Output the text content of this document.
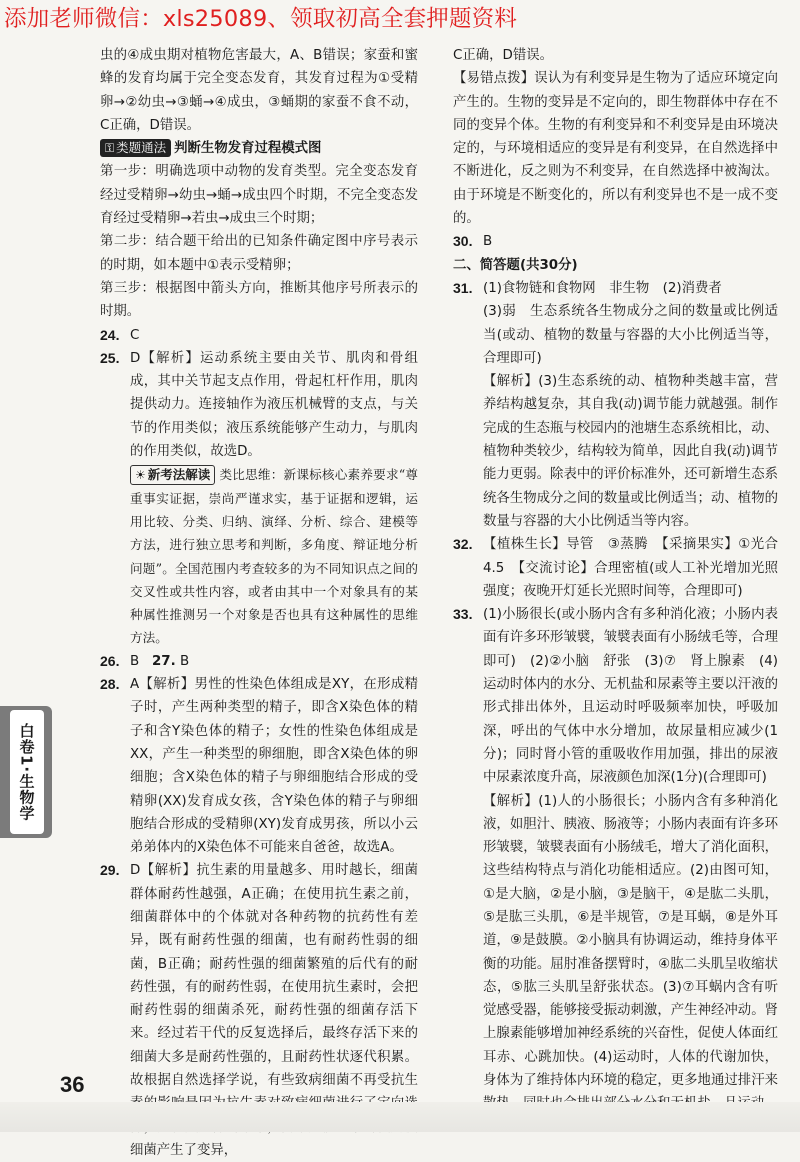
添加老师微信：xls25089、领取初高全套押题资料

虫的④成虫期对植物危害最大，A、B错误；家蚕和蜜蜂的发育均属于完全变态发育，其发育过程为①受精卵→②幼虫→③蛹→④成虫，③蛹期的家蚕不食不动，C正确，D错误。

⚿ 类题通法 判断生物发育过程模式图

第一步：明确选项中动物的发育类型。完全变态发育经过受精卵→幼虫→蛹→成虫四个时期，不完全变态发育经过受精卵→若虫→成虫三个时期；

第二步：结合题干给出的已知条件确定图中序号表示的时期，如本题中①表示受精卵；

第三步：根据图中箭头方向，推断其他序号所表示的时期。

24. C
25. D【解析】运动系统主要由关节、肌肉和骨组成，其中关节起支点作用，骨起杠杆作用，肌肉提供动力。连接轴作为液压机械臂的支点，与关节的作用类似；液压系统能够产生动力，与肌肉的作用类似，故选D。

☀ 新考法解读 类比思维：新课标核心素养要求“尊重事实证据，崇尚严谨求实，基于证据和逻辑，运用比较、分类、归纳、演绎、分析、综合、建模等方法，进行独立思考和判断，多角度、辩证地分析问题”。全国范围内考查较多的为不同知识点之间的交叉性或共性内容，或者由其中一个对象具有的某种属性推测另一个对象是否也具有这种属性的思维方法。

26. B 27. B
28. A【解析】男性的性染色体组成是XY，在形成精子时，产生两种类型的精子，即含X染色体的精子和含Y染色体的精子；女性的性染色体组成是XX，产生一种类型的卵细胞，即含X染色体的卵细胞；含X染色体的精子与卵细胞结合形成的受精卵(XX)发育成女孩，含Y染色体的精子与卵细胞结合形成的受精卵(XY)发育成男孩，所以小云弟弟体内的X染色体不可能来自爸爸，故选A。

29. D【解析】抗生素的用量越多、用时越长，细菌群体耐药性越强，A正确；在使用抗生素之前，细菌群体中的个体就对各种药物的抗药性有差异，既有耐药性强的细菌，也有耐药性弱的细菌，B正确；耐药性强的细菌繁殖的后代有的耐药性强，有的耐药性弱，在使用抗生素时，会把耐药性弱的细菌杀死，耐药性强的细菌存活下来。经过若干代的反复选择后，最终存活下来的细菌大多是耐药性强的，且耐药性状逐代积累。故根据自然选择学说，有些致病细菌不再受抗生 细菌产生了变异，

C正确，D错误。

【易错点拨】误认为有利变异是生物为了适应环境定向产生的。生物的变异是不定向的，即生物群体中存在不同的变异个体。生物的有利变异和不利变异是由环境决定的，与环境相适应的变异是有利变异，在自然选择中不断进化，反之则为不利变异，在自然选择中被淘汰。由于环境是不断变化的，所以有利变异也不是一成不变的。

30. B
二、简答题(共30分)
31. (1)食物链和食物网　非生物　(2)消费者

(3)弱　生态系统各生物成分之间的数量或比例适当(或动、植物的数量与容器的大小比例适当等，合理即可)

【解析】(3)生态系统的动、植物种类越丰富，营养结构越复杂，其自我(动)调节能力就越强。制作完成的生态瓶与校园内的池塘生态系统相比，动、植物种类较少，结构较为简单，因此自我(动)调节能力更弱。除表中的评价标准外，还可新增生态系统各生物成分之间的数量或比例适当；动、植物的数量与容器的大小比例适当等内容。

32. 【植株生长】导管　③蒸腾　【采摘果实】①光合　4.5　【交流讨论】合理密植(或人工补光增加光照强度；夜晚开灯延长光照时间等，合理即可)

33. (1)小肠很长(或小肠内含有多种消化液；小肠内表面有许多环形皱襞，皱襞表面有小肠绒毛等，合理即可)　(2)②小脑　舒张　(3)⑦　肾上腺素　(4)运动时体内的水分、无机盐和尿素等主要以汗液的形式排出体外，且运动时呼吸频率加快，呼吸加深，呼出的气体中水分增加，故尿量相应减少(1分)；同时肾小管的重吸收作用加强，排出的尿液中尿素浓度升高，尿液颜色加深(1分)(合理即可)

【解析】(1)人的小肠很长；小肠内含有多种消化液，如胆汁、胰液、肠液等；小肠内表面有许多环形皱襞，皱襞表面有小肠绒毛，增大了消化面积，这些结构特点与消化功能相适应。(2)由图可知，①是大脑，②是小脑，③是脑干，④是肱二头肌，⑤是肱三头肌，⑥是半规管，⑦是耳蜗，⑧是外耳道，⑨是鼓膜。②小脑具有协调运动，维持身体平衡的功能。屈肘准备摆臂时，④肱二头肌呈收缩状态，⑤肱三头肌呈舒张状态。(3)⑦耳蜗内含有听觉感受器，能够接受振动刺激，产生神经冲动。肾上腺素能够增加神经系统的兴奋性，促使人体面红耳赤、心跳加快。(4)运动时，人体的代谢加快，身体为了维持体内环境的稳定，更多地通过排汗来

白卷1·生物学
36
